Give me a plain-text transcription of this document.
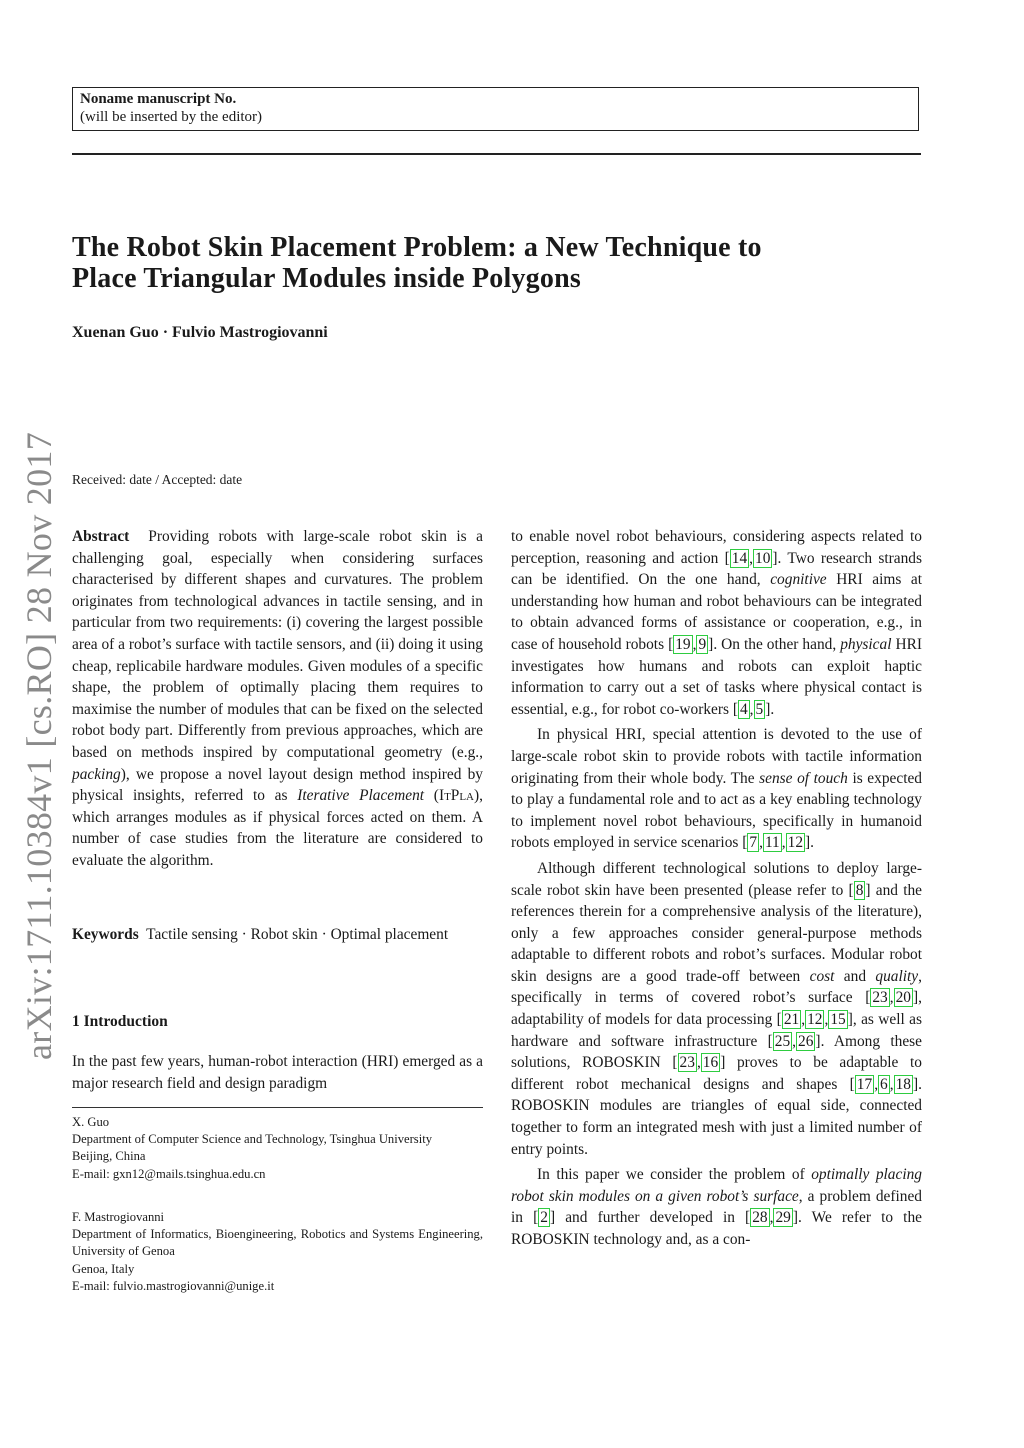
Noname manuscript No.
(will be inserted by the editor)
The Robot Skin Placement Problem: a New Technique to
Place Triangular Modules inside Polygons
Xuenan Guo · Fulvio Mastrogiovanni
Received: date / Accepted: date
arXiv:1711.10384v1 [cs.RO] 28 Nov 2017 Abstract Providing robots with large-scale robot skin is a challenging goal, especially when considering surfaces characterised by different shapes and curvatures. The problem originates from technological advances in tactile sensing, and in particular from two requirements: (i) covering the largest possible area of a robot’s surface with tactile sensors, and (ii) doing it using cheap, replicabile hardware modules. Given modules of a specific shape, the problem of optimally placing them requires to maximise the number of modules that can be fixed on the selected robot body part. Differently from previous approaches, which are based on methods inspired by computational geometry (e.g., packing), we propose a novel layout design method inspired by physical insights, referred to as Iterative Placement (ItPla), which arranges modules as if physical forces acted on them. A number of case studies from the literature are considered to evaluate the algorithm.

Keywords Tactile sensing · Robot skin · Optimal placement
1 Introduction
In the past few years, human-robot interaction (HRI) emerged as a major research field and design paradigm
X. Guo
Department of Computer Science and Technology, Tsinghua University
Beijing, China
E-mail: gxn12@mails.tsinghua.edu.cn
F. Mastrogiovanni
Department of Informatics, Bioengineering, Robotics and Systems Engineering, University of Genoa
Genoa, Italy
E-mail: fulvio.mastrogiovanni@unige.it

to enable novel robot behaviours, considering aspects related to perception, reasoning and action [ 14 , 10 ]. Two research strands can be identified. On the one hand, cognitive HRI aims at understanding how human and robot behaviours can be integrated to obtain advanced forms of assistance or cooperation, e.g., in case of household robots [ 19 , 9 ]. On the other hand, physical HRI investigates how humans and robots can exploit haptic information to carry out a set of tasks where physical contact is essential, e.g., for robot co-workers [ 4 , 5 ].

In physical HRI, special attention is devoted to the use of large-scale robot skin to provide robots with tactile information originating from their whole body. The sense of touch is expected to play a fundamental role and to act as a key enabling technology to implement novel robot behaviours, specifically in humanoid robots employed in service scenarios [ 7 , 11 , 12 ].

Although different technological solutions to deploy large-scale robot skin have been presented (please refer to [ 8 ] and the references therein for a comprehensive analysis of the literature), only a few approaches consider general-purpose methods adaptable to different robots and robot’s surfaces. Modular robot skin designs are a good trade-off between cost and quality, specifically in terms of covered robot’s surface [ 23 , 20 ], adaptability of models for data processing [ 21 , 12 , 15 ], as well as hardware and software infrastructure [ 25 , 26 ]. Among these solutions, ROBOSKIN [ 23 , 16 ] proves to be adaptable to different robot mechanical designs and shapes [ 17 , 6 , 18 ]. ROBOSKIN modules are triangles of equal side, connected together to form an integrated mesh with just a limited number of entry points.

In this paper we consider the problem of optimally placing robot skin modules on a given robot’s surface, a problem defined in [ 2 ] and further developed in [ 28 , 29 ]. We refer to the ROBOSKIN technology and, as a con-
